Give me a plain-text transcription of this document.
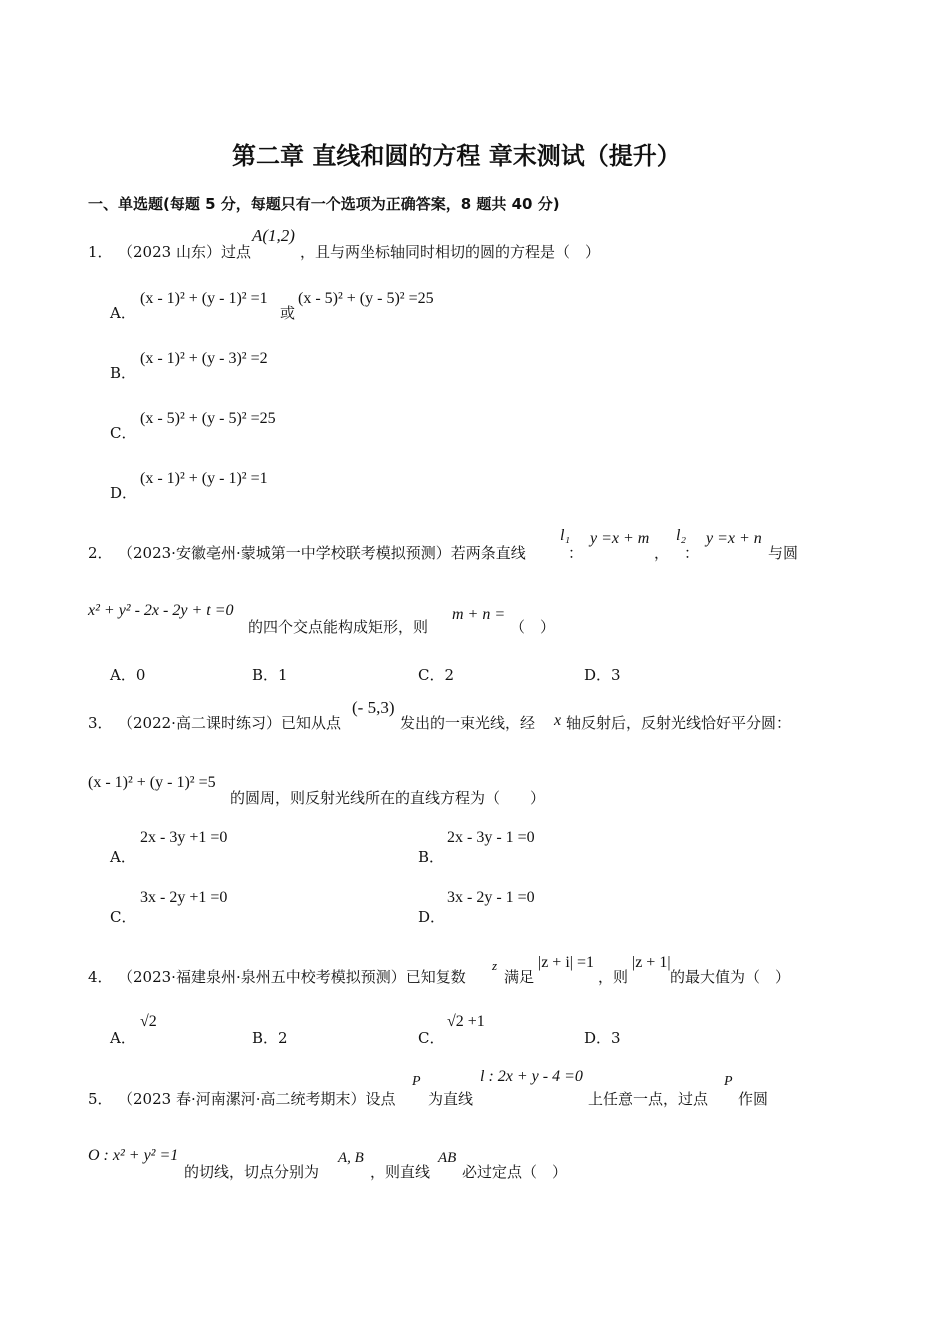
第二章 直线和圆的方程 章末测试（提升）
一、单选题(每题 5 分，每题只有一个选项为正确答案，8 题共 40 分)
1． （2023 山东）过点
A(1,2)
，且与两坐标轴同时相切的圆的方程是（　）
A．
(x - 1)² + (y - 1)² =1
或
(x - 5)² + (y - 5)² =25
B．
(x - 1)² + (y - 3)² =2
C．
(x - 5)² + (y - 5)² =25
D．
(x - 1)² + (y - 1)² =1
2． （2023·安徽亳州·蒙城第一中学校联考模拟预测）若两条直线
l₁
：
y =x + m
，
l₂
：
y =x + n
与圆
x² + y² - 2x - 2y + t =0
的四个交点能构成矩形，则
m + n =
（　）
A．0	B．1	C．2	D．3
3． （2022·高二课时练习）已知从点
(- 5,3)
发出的一束光线，经 x 轴反射后，反射光线恰好平分圆：
(x - 1)² + (y - 1)² =5
的圆周，则反射光线所在的直线方程为（　　）
A．
2x - 3y +1 =0
B．
2x - 3y - 1 =0
C．
3x - 2y +1 =0
D．
3x - 2y - 1 =0
4． （2023·福建泉州·泉州五中校考模拟预测）已知复数
z
满足
|z + i| =1
，则
|z + 1|
的最大值为（　）
A．
√2
B．2	C．
√2 +1
D．3
5． （2023 春·河南漯河·高二统考期末）设点
P
为直线
l : 2x + y - 4 =0
上任意一点，过点
P
作圆
O : x² + y² =1
的切线，切点分别为
A, B
，则直线
AB
必过定点（　）
